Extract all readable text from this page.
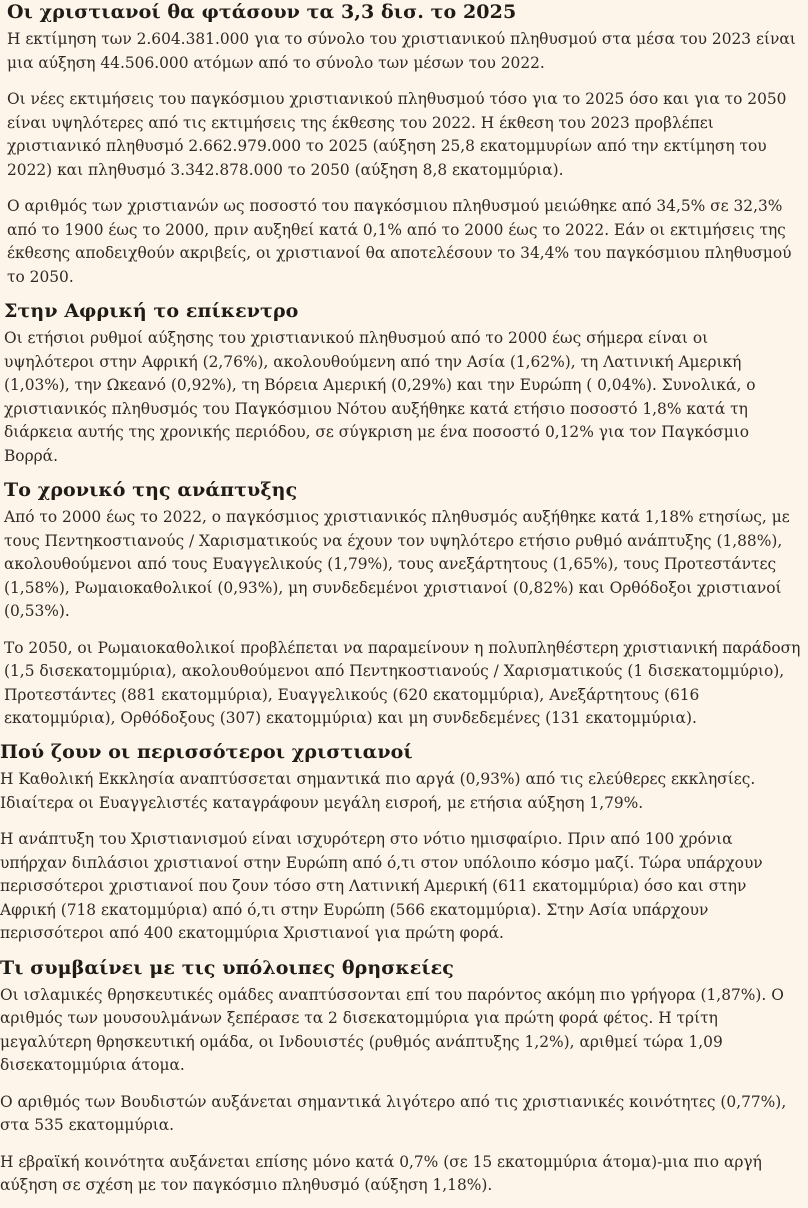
Οι χριστιανοί θα φτάσουν τα 3,3 δισ. το 2025

Η εκτίμηση των 2.604.381.000 για το σύνολο του χριστιανικού πληθυσμού στα μέσα του 2023 είναι μια αύξηση 44.506.000 ατόμων από το σύνολο των μέσων του 2022.

Οι νέες εκτιμήσεις του παγκόσμιου χριστιανικού πληθυσμού τόσο για το 2025 όσο και για το 2050 είναι υψηλότερες από τις εκτιμήσεις της έκθεσης του 2022. Η έκθεση του 2023 προβλέπει χριστιανικό πληθυσμό 2.662.979.000 το 2025 (αύξηση 25,8 εκατομμυρίων από την εκτίμηση του 2022) και πληθυσμό 3.342.878.000 το 2050 (αύξηση 8,8 εκατομμύρια).

Ο αριθμός των χριστιανών ως ποσοστό του παγκόσμιου πληθυσμού μειώθηκε από 34,5% σε 32,3% από το 1900 έως το 2000, πριν αυξηθεί κατά 0,1% από το 2000 έως το 2022. Εάν οι εκτιμήσεις της έκθεσης αποδειχθούν ακριβείς, οι χριστιανοί θα αποτελέσουν το 34,4% του παγκόσμιου πληθυσμού το 2050.

Στην Αφρική το επίκεντρο

Οι ετήσιοι ρυθμοί αύξησης του χριστιανικού πληθυσμού από το 2000 έως σήμερα είναι οι υψηλότεροι στην Αφρική (2,76%), ακολουθούμενη από την Ασία (1,62%), τη Λατινική Αμερική (1,03%), την Ωκεανό (0,92%), τη Βόρεια Αμερική (0,29%) και την Ευρώπη ( 0,04%). Συνολικά, ο χριστιανικός πληθυσμός του Παγκόσμιου Νότου αυξήθηκε κατά ετήσιο ποσοστό 1,8% κατά τη διάρκεια αυτής της χρονικής περιόδου, σε σύγκριση με ένα ποσοστό 0,12% για τον Παγκόσμιο Βορρά.

Το χρονικό της ανάπτυξης

Από το 2000 έως το 2022, ο παγκόσμιος χριστιανικός πληθυσμός αυξήθηκε κατά 1,18% ετησίως, με τους Πεντηκοστιανούς / Χαρισματικούς να έχουν τον υψηλότερο ετήσιο ρυθμό ανάπτυξης (1,88%), ακολουθούμενοι από τους Ευαγγελικούς (1,79%), τους ανεξάρτητους (1,65%), τους Προτεστάντες (1,58%), Ρωμαιοκαθολικοί (0,93%), μη συνδεδεμένοι χριστιανοί (0,82%) και Ορθόδοξοι χριστιανοί (0,53%).

Το 2050, οι Ρωμαιοκαθολικοί προβλέπεται να παραμείνουν η πολυπληθέστερη χριστιανική παράδοση (1,5 δισεκατομμύρια), ακολουθούμενοι από Πεντηκοστιανούς / Χαρισματικούς (1 δισεκατομμύριο), Προτεστάντες (881 εκατομμύρια), Ευαγγελικούς (620 εκατομμύρια), Ανεξάρτητους (616 εκατομμύρια), Ορθόδοξους (307) εκατομμύρια) και μη συνδεδεμένες (131 εκατομμύρια).

Πού ζουν οι περισσότεροι χριστιανοί

Η Καθολική Εκκλησία αναπτύσσεται σημαντικά πιο αργά (0,93%) από τις ελεύθερες εκκλησίες. Ιδιαίτερα οι Ευαγγελιστές καταγράφουν μεγάλη εισροή, με ετήσια αύξηση 1,79%.

Η ανάπτυξη του Χριστιανισμού είναι ισχυρότερη στο νότιο ημισφαίριο. Πριν από 100 χρόνια υπήρχαν διπλάσιοι χριστιανοί στην Ευρώπη από ό,τι στον υπόλοιπο κόσμο μαζί. Τώρα υπάρχουν περισσότεροι χριστιανοί που ζουν τόσο στη Λατινική Αμερική (611 εκατομμύρια) όσο και στην Αφρική (718 εκατομμύρια) από ό,τι στην Ευρώπη (566 εκατομμύρια). Στην Ασία υπάρχουν περισσότεροι από 400 εκατομμύρια Χριστιανοί για πρώτη φορά.

Τι συμβαίνει με τις υπόλοιπες θρησκείες

Οι ισλαμικές θρησκευτικές ομάδες αναπτύσσονται επί του παρόντος ακόμη πιο γρήγορα (1,87%). Ο αριθμός των μουσουλμάνων ξεπέρασε τα 2 δισεκατομμύρια για πρώτη φορά φέτος. Η τρίτη μεγαλύτερη θρησκευτική ομάδα, οι Ινδουιστές (ρυθμός ανάπτυξης 1,2%), αριθμεί τώρα 1,09 δισεκατομμύρια άτομα.

Ο αριθμός των Βουδιστών αυξάνεται σημαντικά λιγότερο από τις χριστιανικές κοινότητες (0,77%), στα 535 εκατομμύρια.

Η εβραϊκή κοινότητα αυξάνεται επίσης μόνο κατά 0,7% (σε 15 εκατομμύρια άτομα)-μια πιο αργή αύξηση σε σχέση με τον παγκόσμιο πληθυσμό (αύξηση 1,18%).
